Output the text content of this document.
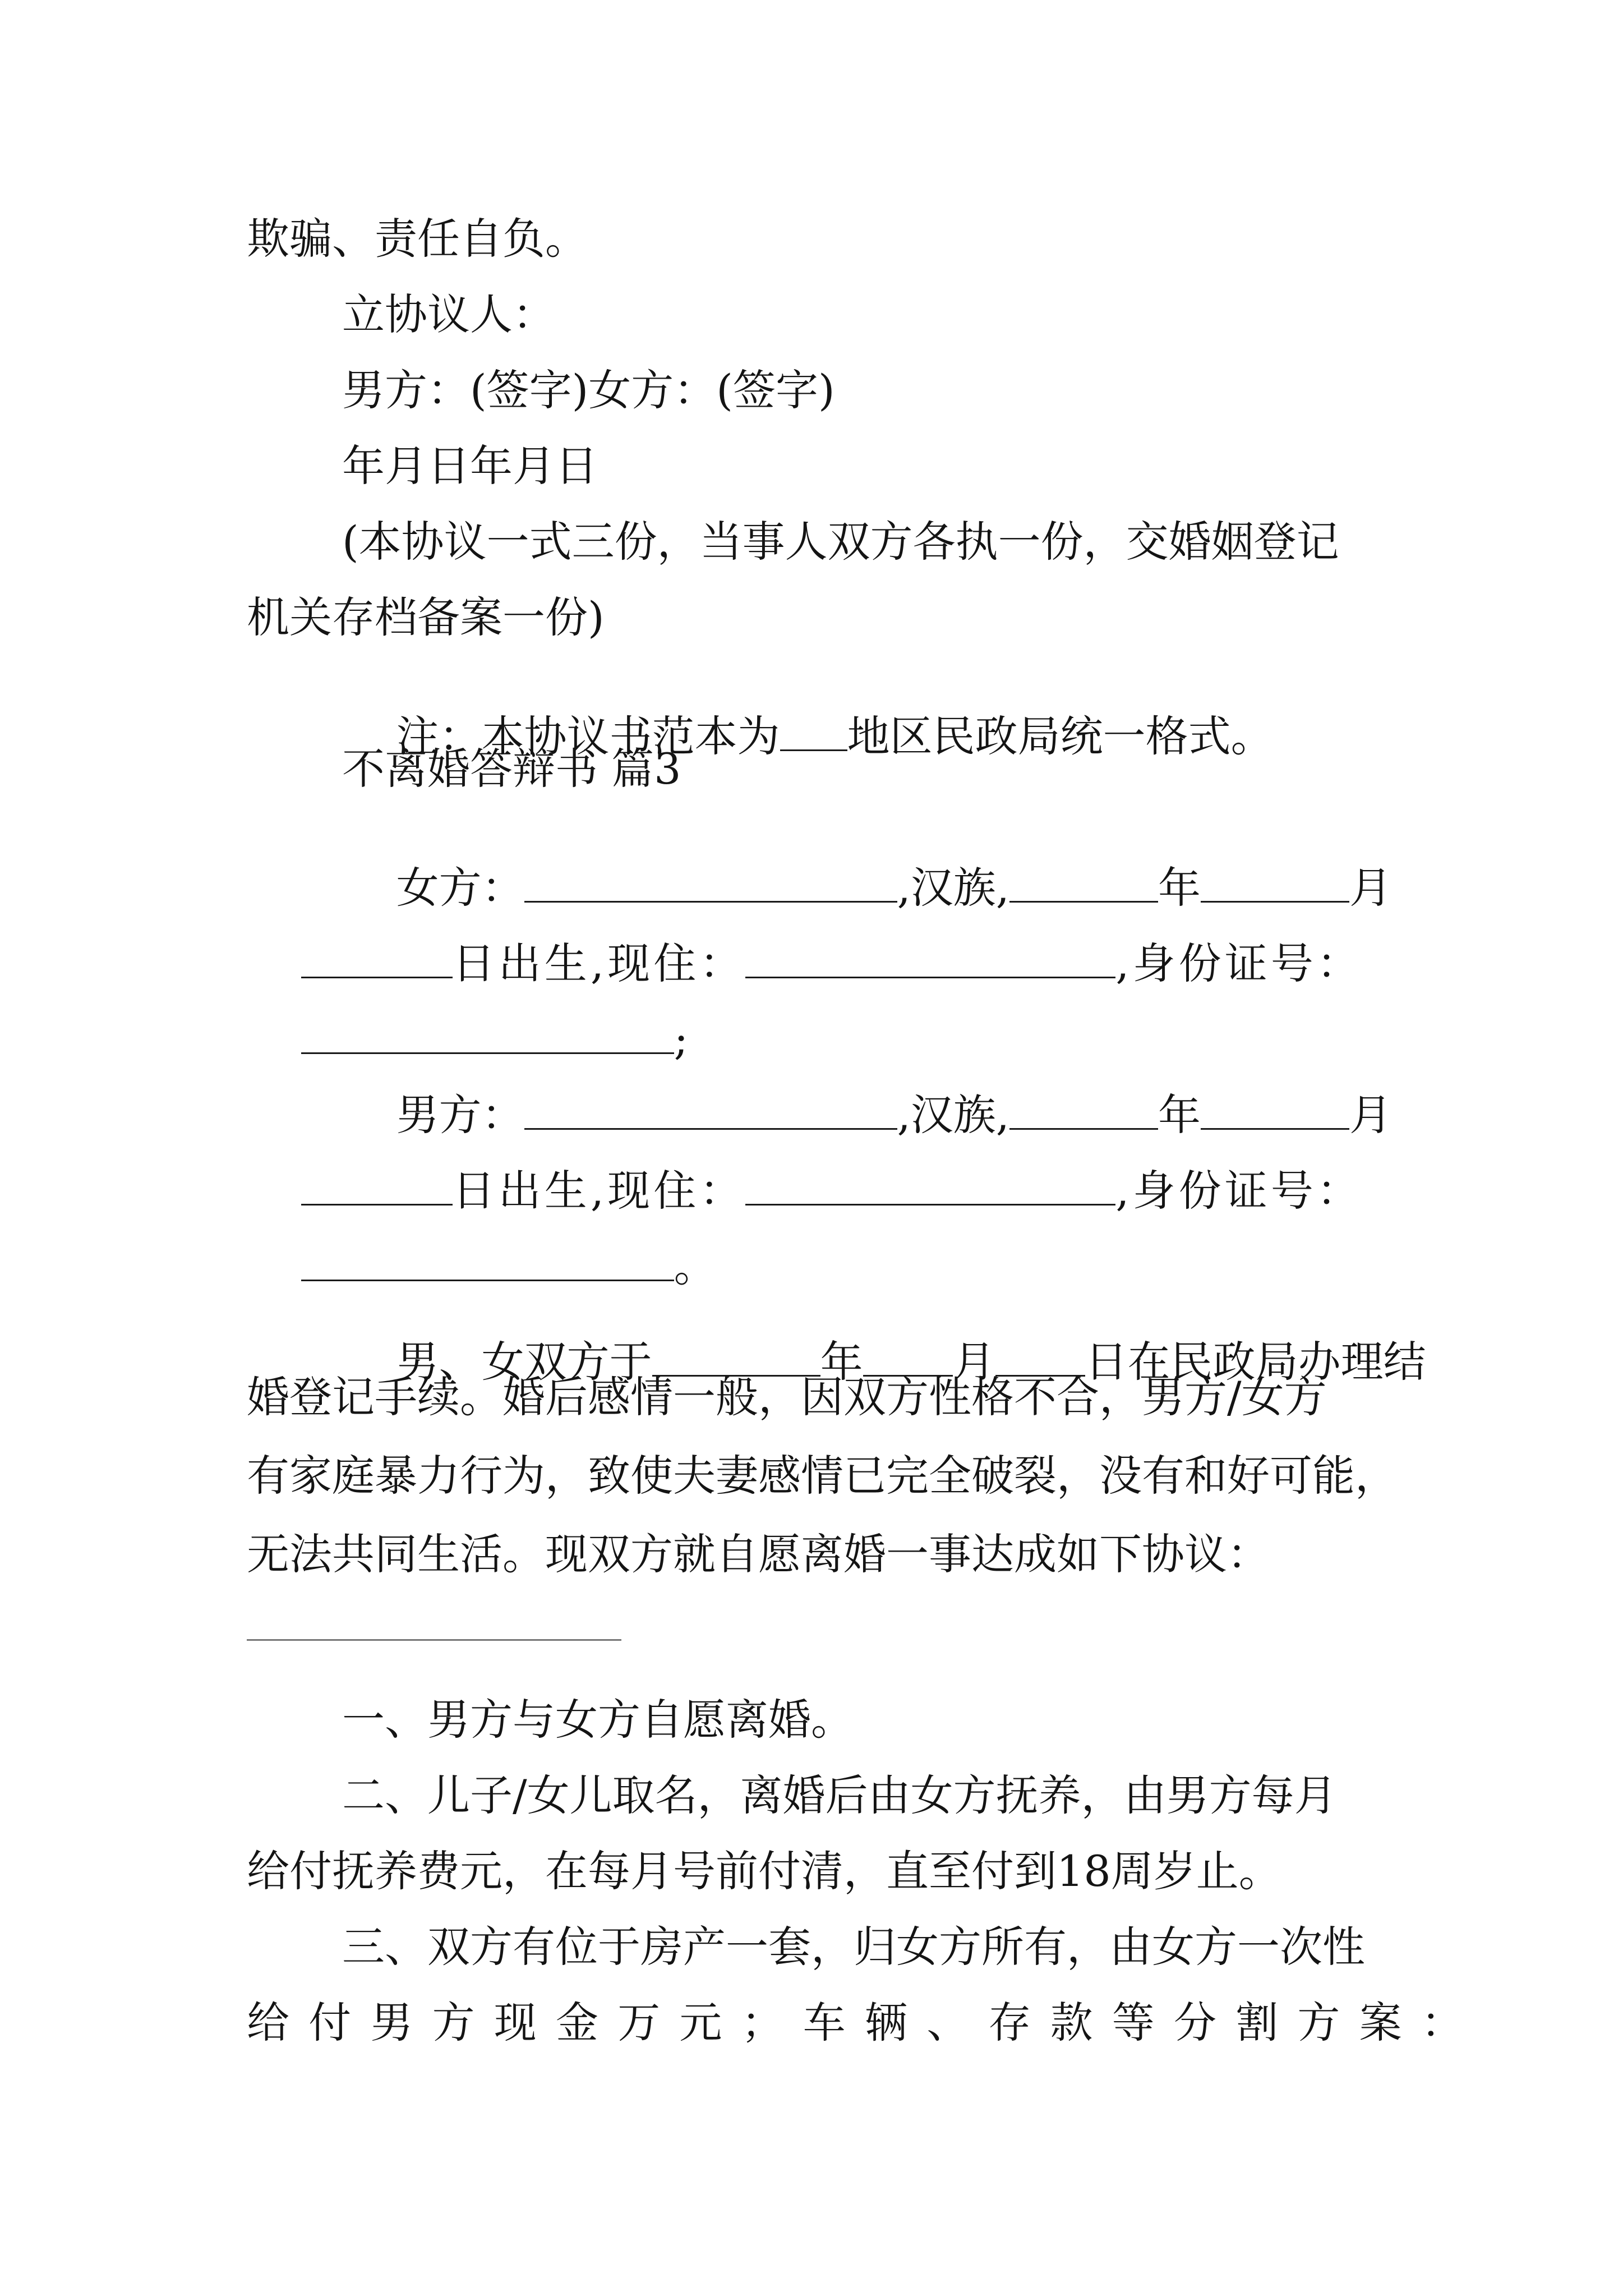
欺骗、责任自负。

立协议人：

男方：(签字)女方：(签字)

年月日年月日

(本协议一式三份，当事人双方各执一份，交婚姻登记

机关存档备案一份)

注：本协议书范本为 地区民政局统一格式。

不离婚答辩书 篇3

女方：	,汉族,	年	月

日出生,现住：	,身份证号：

;

男方：	,汉族,	年	月

日出生,现住：	,身份证号：

。

男、女双方于	年 月 日在民政局办理结

婚登记手续。婚后感情一般，因双方性格不合，男方/女方

有家庭暴力行为，致使夫妻感情已完全破裂，没有和好可能，

无法共同生活。现双方就自愿离婚一事达成如下协议：

一、男方与女方自愿离婚。

二、儿子/女儿取名，离婚后由女方抚养，由男方每月

给付抚养费元，在每月号前付清，直至付到18周岁止。

三、双方有位于房产一套，归女方所有，由女方一次性

给付男方现金万元；车辆、存款等分割方案：
